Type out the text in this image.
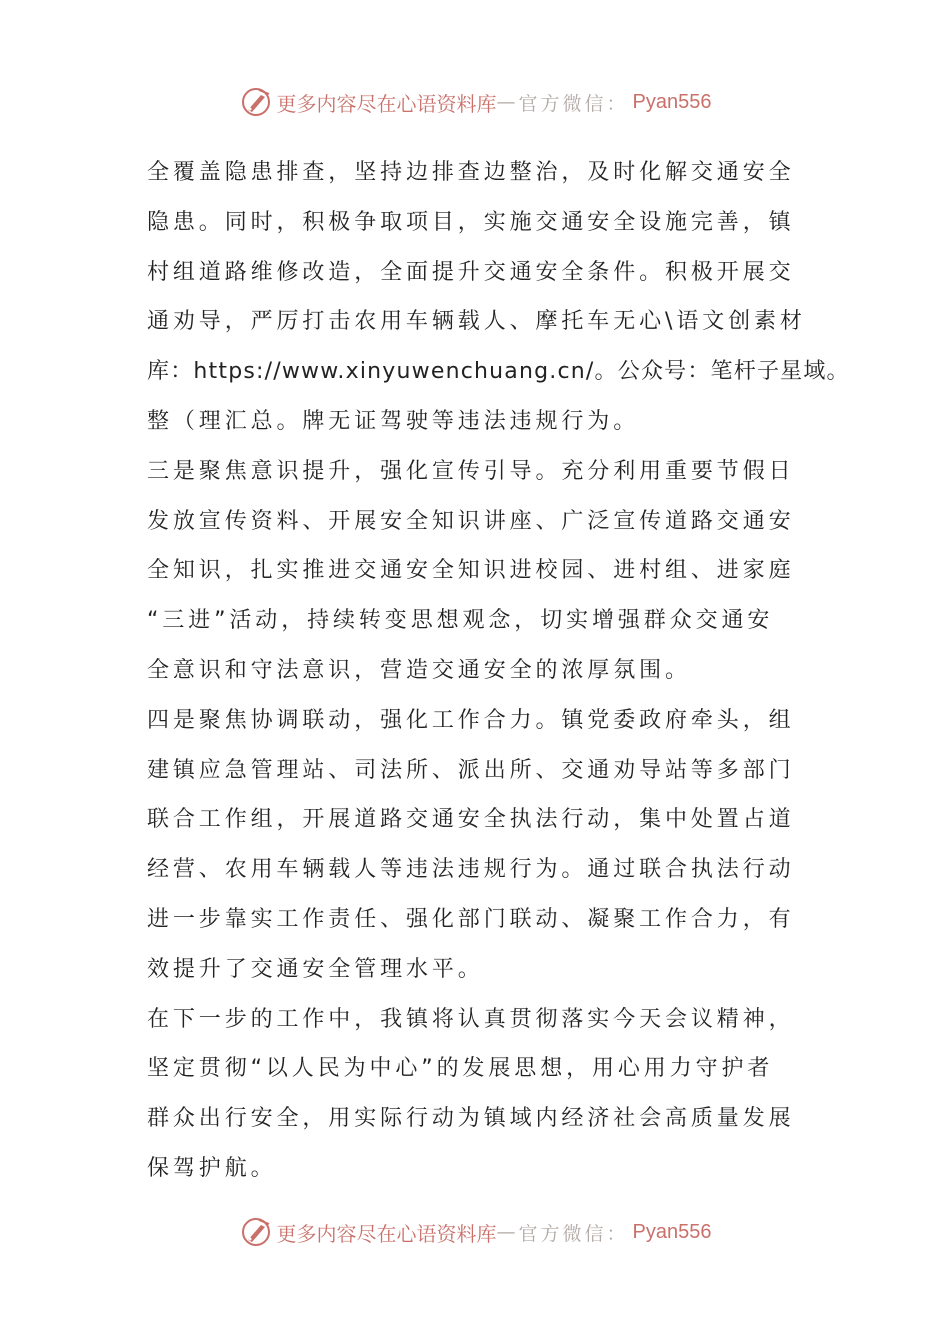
更多内容尽在心语资料库 — 官方微信： Pyan556
全覆盖隐患排查，坚持边排查边整治，及时化解交通安全
隐患。同时，积极争取项目，实施交通安全设施完善，镇
村组道路维修改造，全面提升交通安全条件。积极开展交
通劝导，严厉打击农用车辆载人、摩托车无心\语文创素材
库：https://www.xinyuwenchuang.cn/。公众号：笔杆子星域。
整（理汇总。牌无证驾驶等违法违规行为。
三是聚焦意识提升，强化宣传引导。充分利用重要节假日
发放宣传资料、开展安全知识讲座、广泛宣传道路交通安
全知识，扎实推进交通安全知识进校园、进村组、进家庭
“三进”活动，持续转变思想观念，切实增强群众交通安
全意识和守法意识，营造交通安全的浓厚氛围。
四是聚焦协调联动，强化工作合力。镇党委政府牵头，组
建镇应急管理站、司法所、派出所、交通劝导站等多部门
联合工作组，开展道路交通安全执法行动，集中处置占道
经营、农用车辆载人等违法违规行为。通过联合执法行动
进一步靠实工作责任、强化部门联动、凝聚工作合力，有
效提升了交通安全管理水平。
在下一步的工作中，我镇将认真贯彻落实今天会议精神，
坚定贯彻“以人民为中心”的发展思想，用心用力守护者
群众出行安全，用实际行动为镇域内经济社会高质量发展
保驾护航。
更多内容尽在心语资料库 — 官方微信： Pyan556
